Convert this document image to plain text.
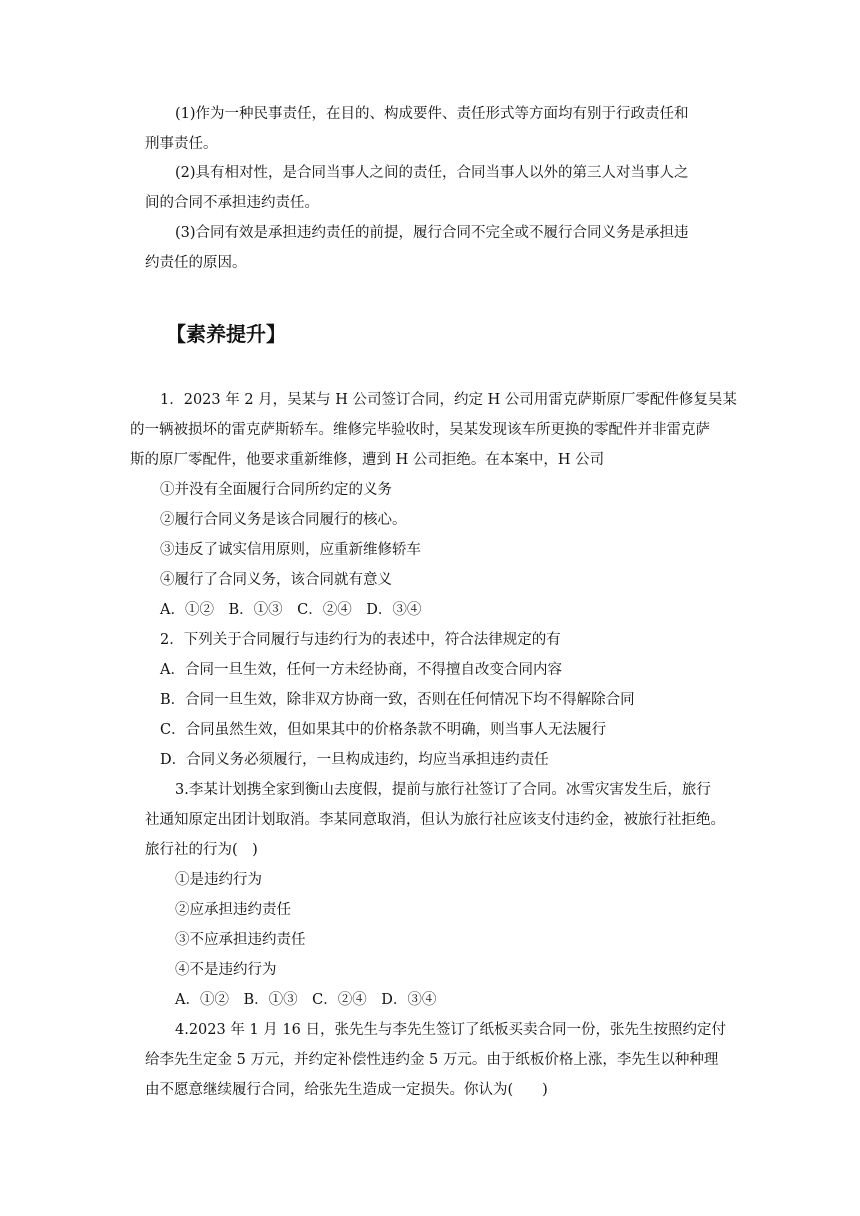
(1)作为一种民事责任，在目的、构成要件、责任形式等方面均有别于行政责任和
刑事责任。
(2)具有相对性，是合同当事人之间的责任，合同当事人以外的第三人对当事人之
间的合同不承担违约责任。
(3)合同有效是承担违约责任的前提，履行合同不完全或不履行合同义务是承担违
约责任的原因。
【素养提升】
1．2023 年 2 月，吴某与 H 公司签订合同，约定 H 公司用雷克萨斯原厂零配件修复吴某
的一辆被损坏的雷克萨斯轿车。维修完毕验收时，吴某发现该车所更换的零配件并非雷克萨
斯的原厂零配件，他要求重新维修，遭到 H 公司拒绝。在本案中，H 公司
①并没有全面履行合同所约定的义务
②履行合同义务是该合同履行的核心。
③违反了诚实信用原则，应重新维修轿车
④履行了合同义务，该合同就有意义
A．①②　B．①③　C．②④　D．③④
2．下列关于合同履行与违约行为的表述中，符合法律规定的有
A．合同一旦生效，任何一方未经协商，不得擅自改变合同内容
B．合同一旦生效，除非双方协商一致，否则在任何情况下均不得解除合同
C．合同虽然生效，但如果其中的价格条款不明确，则当事人无法履行
D．合同义务必须履行，一旦构成违约，均应当承担违约责任
3.李某计划携全家到衡山去度假，提前与旅行社签订了合同。冰雪灾害发生后，旅行
社通知原定出团计划取消。李某同意取消，但认为旅行社应该支付违约金，被旅行社拒绝。
旅行社的行为(　)
①是违约行为
②应承担违约责任
③不应承担违约责任
④不是违约行为
A．①②　B．①③　C．②④　D．③④
4.2023 年 1 月 16 日，张先生与李先生签订了纸板买卖合同一份，张先生按照约定付
给李先生定金 5 万元，并约定补偿性违约金 5 万元。由于纸板价格上涨，李先生以种种理
由不愿意继续履行合同，给张先生造成一定损失。你认为(　　)
